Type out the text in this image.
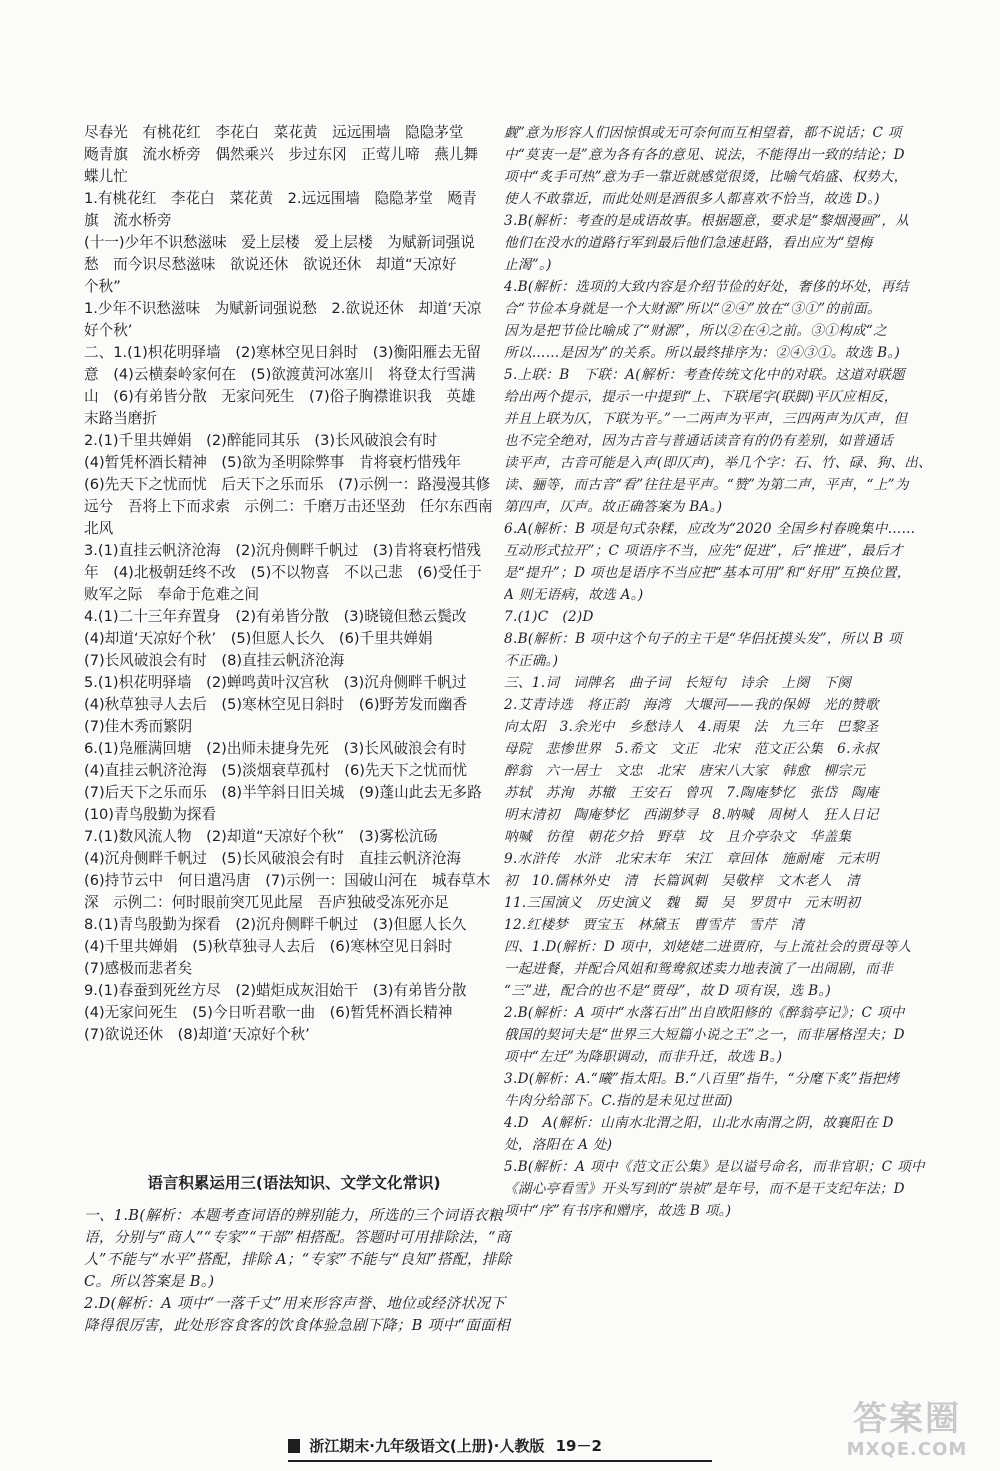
尽春光　有桃花红　李花白　菜花黄　远远围墙　隐隐茅堂
飏青旗　流水桥旁　偶然乘兴　步过东冈　正莺儿啼　燕儿舞
蝶儿忙
1.有桃花红　李花白　菜花黄　2.远远围墙　隐隐茅堂　飏青
旗　流水桥旁
(十一)少年不识愁滋味　爱上层楼　爱上层楼　为赋新词强说
愁　而今识尽愁滋味　欲说还休　欲说还休　却道“天凉好
个秋”
1.少年不识愁滋味　为赋新词强说愁　2.欲说还休　却道‘天凉
好个秋’
二、1.(1)枳花明驿墙　(2)寒林空见日斜时　(3)衡阳雁去无留
意　(4)云横秦岭家何在　(5)欲渡黄河冰塞川　将登太行雪满
山　(6)有弟皆分散　无家问死生　(7)俗子胸襟谁识我　英雄
末路当磨折
2.(1)千里共婵娟　(2)醉能同其乐　(3)长风破浪会有时
(4)暂凭杯酒长精神　(5)欲为圣明除弊事　肯将衰朽惜残年
(6)先天下之忧而忧　后天下之乐而乐　(7)示例一：路漫漫其修
远兮　吾将上下而求索　示例二：千磨万击还坚劲　任尔东西南
北风
3.(1)直挂云帆济沧海　(2)沉舟侧畔千帆过　(3)肯将衰朽惜残
年　(4)北极朝廷终不改　(5)不以物喜　不以己悲　(6)受任于
败军之际　奉命于危难之间
4.(1)二十三年弃置身　(2)有弟皆分散　(3)晓镜但愁云鬓改
(4)却道‘天凉好个秋’　(5)但愿人长久　(6)千里共婵娟
(7)长风破浪会有时　(8)直挂云帆济沧海
5.(1)枳花明驿墙　(2)蝉鸣黄叶汉宫秋　(3)沉舟侧畔千帆过
(4)秋草独寻人去后　(5)寒林空见日斜时　(6)野芳发而幽香
(7)佳木秀而繁阴
6.(1)凫雁满回塘　(2)出师未捷身先死　(3)长风破浪会有时
(4)直挂云帆济沧海　(5)淡烟衰草孤村　(6)先天下之忧而忧
(7)后天下之乐而乐　(8)半竿斜日旧关城　(9)蓬山此去无多路
(10)青鸟殷勤为探看
7.(1)数风流人物　(2)却道“天凉好个秋”　(3)雾松沆砀
(4)沉舟侧畔千帆过　(5)长风破浪会有时　直挂云帆济沧海
(6)持节云中　何日遣冯唐　(7)示例一：国破山河在　城春草木
深　示例二：何时眼前突兀见此屋　吾庐独破受冻死亦足
8.(1)青鸟殷勤为探看　(2)沉舟侧畔千帆过　(3)但愿人长久
(4)千里共婵娟　(5)秋草独寻人去后　(6)寒林空见日斜时
(7)感极而悲者矣
9.(1)春蚕到死丝方尽　(2)蜡炬成灰泪始干　(3)有弟皆分散
(4)无家问死生　(5)今日听君歌一曲　(6)暂凭杯酒长精神
(7)欲说还休　(8)却道‘天凉好个秋’
语言积累运用三(语法知识、文学文化常识)
一、1.B(解析：本题考查词语的辨别能力，所选的三个词语衣粮
语，分别与“商人”“专家”“干部”相搭配。答题时可用排除法，“商
人”不能与“水平”搭配，排除 A；“专家”不能与“良知”搭配，排除
C。所以答案是 B。)
2.D(解析：A 项中“一落千丈”用来形容声誉、地位或经济状况下
降得很厉害，此处形容食客的饮食体验急剧下降；B 项中“面面相
觑”意为形容人们因惊惧或无可奈何而互相望着，都不说话；C 项
中“莫衷一是”意为各有各的意见、说法，不能得出一致的结论；D
项中“炙手可热”意为手一靠近就感觉很烫，比喻气焰盛、权势大，
使人不敢靠近，而此处则是酒很多人都喜欢不恰当，故选 D。)
3.B(解析：考查的是成语故事。根据题意，要求是“黎烟漫画”，从
他们在没水的道路行军到最后他们急速赶路，看出应为“望梅
止渴”。)
4.B(解析：选项的大致内容是介绍节俭的好处，奢侈的坏处，再结
合“节俭本身就是一个大财源”所以“②④”放在“③①”的前面。
因为是把节俭比喻成了“财源”，所以②在④之前。③①构成“之
所以……是因为”的关系。所以最终排序为：②④③①。故选 B。)
5.上联：B　下联：A(解析：考查传统文化中的对联。这道对联题
给出两个提示，提示一中提到“上、下联尾字(联脚)平仄应相反，
并且上联为仄，下联为平。”一二两声为平声，三四两声为仄声，但
也不完全绝对，因为古音与普通话读音有的仍有差别，如普通话
读平声，古音可能是入声(即仄声)，举几个字：石、竹、碌、狗、出、
读、骊等，而古音“看”往往是平声。“赞”为第二声，平声，“上”为
第四声，仄声。故正确答案为 BA。)
6.A(解析：B 项是句式杂糅，应改为“2020 全国乡村春晚集中……
互动形式拉开”；C 项语序不当，应先“促进”，后“推进”，最后才
是“提升”；D 项也是语序不当应把“基本可用”和“好用”互换位置，
A 则无语病，故选 A。)
7.(1)C　(2)D
8.B(解析：B 项中这个句子的主干是“华侣抚摸头发”，所以 B 项
不正确。)
三、1.词　词牌名　曲子词　长短句　诗余　上阕　下阕
2.艾青诗选　将正韵　海湾　大堰河——我的保姆　光的赞歌
向太阳　3.余光中　乡愁诗人　4.雨果　法　九三年　巴黎圣
母院　悲惨世界　5.希文　文正　北宋　范文正公集　6.永叔
醉翁　六一居士　文忠　北宋　唐宋八大家　韩愈　柳宗元
苏轼　苏洵　苏辙　王安石　曾巩　7.陶庵梦忆　张岱　陶庵
明末清初　陶庵梦忆　西湖梦寻　8.呐喊　周树人　狂人日记
呐喊　彷徨　朝花夕拾　野草　坟　且介亭杂文　华盖集
9.水浒传　水浒　北宋末年　宋江　章回体　施耐庵　元末明
初　10.儒林外史　清　长篇讽刺　吴敬梓　文木老人　清
11.三国演义　历史演义　魏　蜀　吴　罗贯中　元末明初
12.红楼梦　贾宝玉　林黛玉　曹雪芹　雪芹　清
四、1.D(解析：D 项中，刘姥姥二进贾府，与上流社会的贾母等人
一起进餐，并配合风姐和鸳鸯叙述卖力地表演了一出闹剧，而非
“三”进，配合的也不是“贾母”，故 D 项有误，选 B。)
2.B(解析：A 项中“水落石出”出自欧阳修的《醉翁亭记》；C 项中
俄国的契诃夫是“世界三大短篇小说之王”之一，而非屠格涅夫；D
项中“左迁”为降职调动，而非升迁，故选 B。)
3.D(解析：A.“曦”指太阳。B.“八百里”指牛，“分麾下炙”指把烤
牛肉分给部下。C.指的是未见过世面)
4.D　A(解析：山南水北渭之阳，山北水南渭之阴，故襄阳在 D
处，洛阳在 A 处)
5.B(解析：A 项中《范文正公集》是以谥号命名，而非官职；C 项中
《湖心亭看雪》开头写到的“崇祯”是年号，而不是干支纪年法；D
项中“序”有书序和赠序，故选 B 项。)
浙江期末·九年级语文(上册)·人教版 19－2
答案圈
MXQE.COM
